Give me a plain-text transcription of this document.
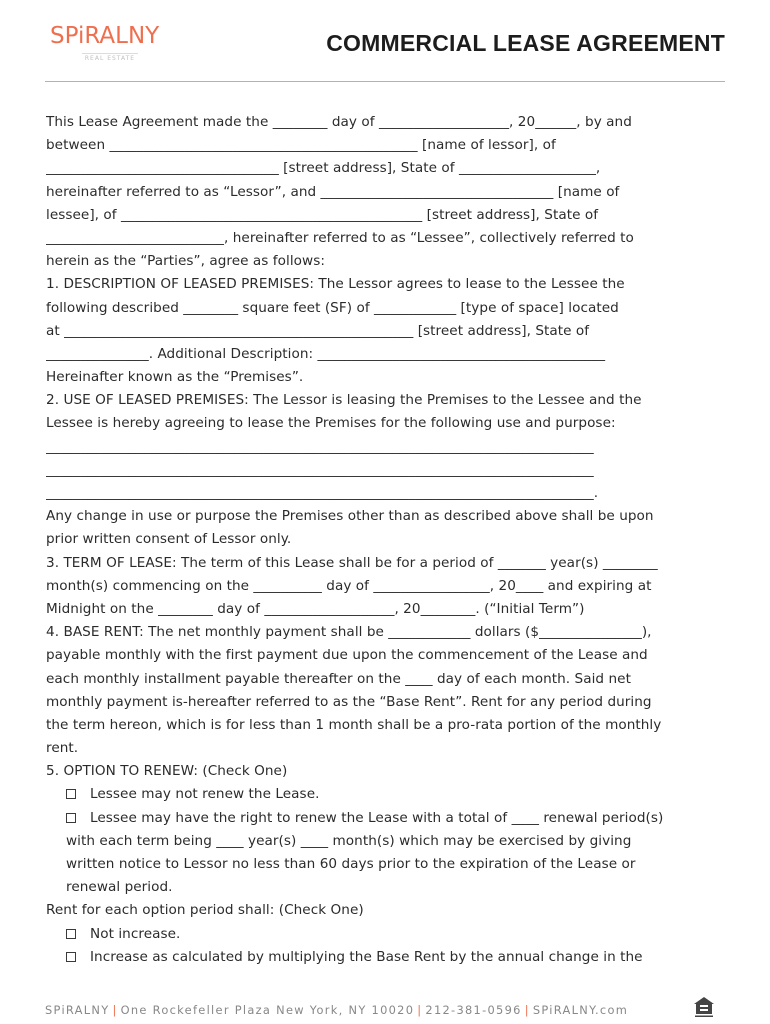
SPiRALNY
REAL ESTATE
COMMERCIAL LEASE AGREEMENT
This Lease Agreement made the ________ day of ___________________, 20______, by and
between _____________________________________________ [name of lessor], of
__________________________________ [street address], State of ____________________,
hereinafter referred to as “Lessor”, and __________________________________ [name of
lessee], of ____________________________________________ [street address], State of
__________________________, hereinafter referred to as “Lessee”, collectively referred to
herein as the “Parties”, agree as follows:
1. DESCRIPTION OF LEASED PREMISES: The Lessor agrees to lease to the Lessee the
following described ________ square feet (SF) of ____________ [type of space] located
at ___________________________________________________ [street address], State of
_______________. Additional Description: __________________________________________
Hereinafter known as the “Premises”.
2. USE OF LEASED PREMISES: The Lessor is leasing the Premises to the Lessee and the
Lessee is hereby agreeing to lease the Premises for the following use and purpose:
________________________________________________________________________________
________________________________________________________________________________
________________________________________________________________________________.
Any change in use or purpose the Premises other than as described above shall be upon
prior written consent of Lessor only.
3. TERM OF LEASE: The term of this Lease shall be for a period of _______ year(s) ________
month(s) commencing on the __________ day of _________________, 20____ and expiring at
Midnight on the ________ day of ___________________, 20________. (“Initial Term”)
4. BASE RENT: The net monthly payment shall be ____________ dollars ($_______________),
payable monthly with the first payment due upon the commencement of the Lease and
each monthly installment payable thereafter on the ____ day of each month. Said net
monthly payment is-hereafter referred to as the “Base Rent”. Rent for any period during
the term hereon, which is for less than 1 month shall be a pro-rata portion of the monthly
rent.
5. OPTION TO RENEW: (Check One)
Lessee may not renew the Lease.
Lessee may have the right to renew the Lease with a total of ____ renewal period(s)
with each term being ____ year(s) ____ month(s) which may be exercised by giving
written notice to Lessor no less than 60 days prior to the expiration of the Lease or
renewal period.
Rent for each option period shall: (Check One)
Not increase.
Increase as calculated by multiplying the Base Rent by the annual change in the
SPiRALNY | One Rockefeller Plaza New York, NY 10020 | 212-381-0596 | SPiRALNY.com
